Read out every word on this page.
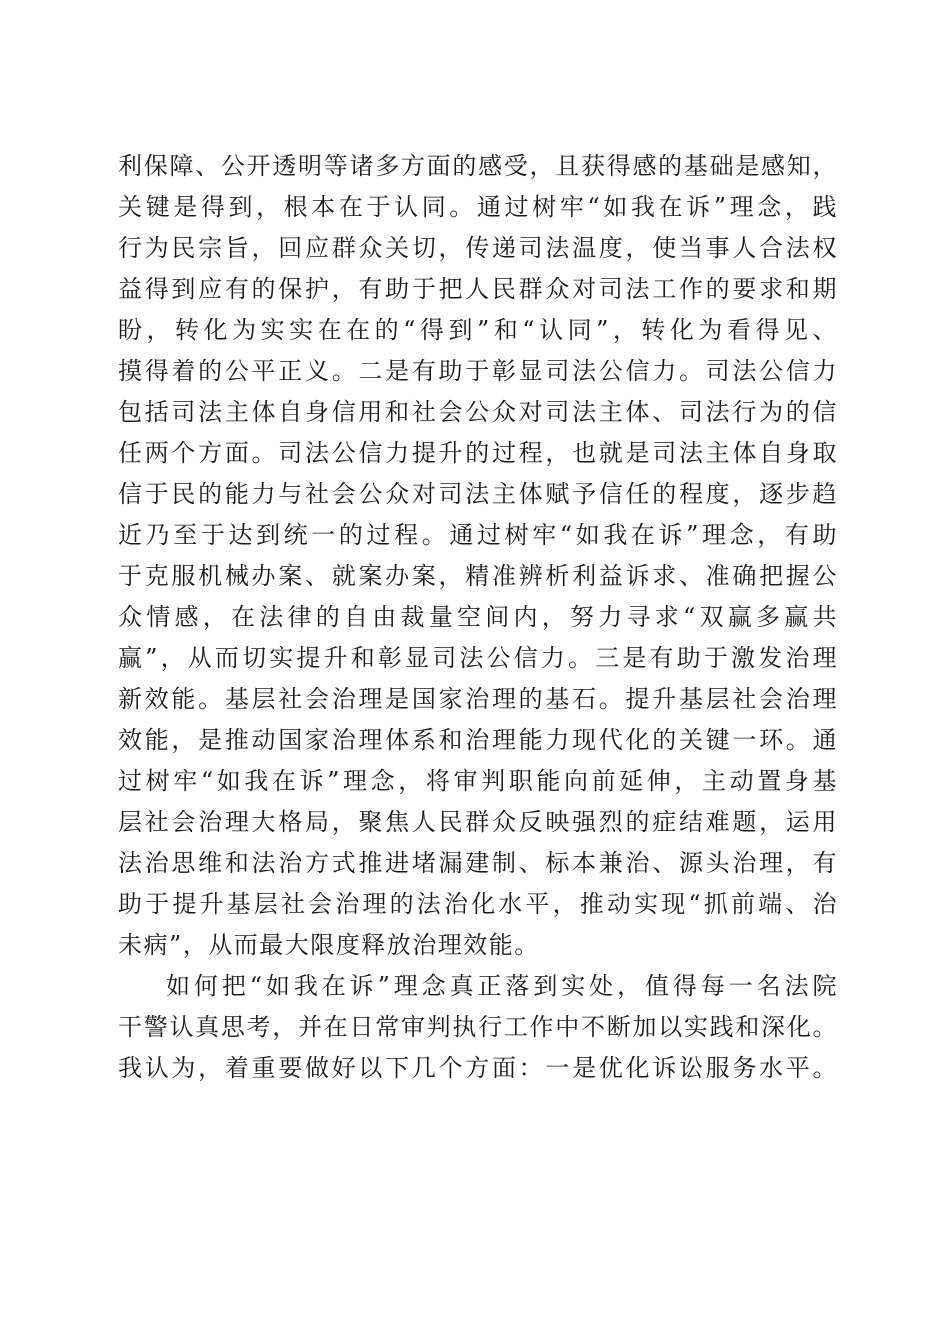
利保障、公开透明等诸多方面的感受，且获得感的基础是感知，
关键是得到，根本在于认同。通过树牢“如我在诉”理念，践
行为民宗旨，回应群众关切，传递司法温度，使当事人合法权
益得到应有的保护，有助于把人民群众对司法工作的要求和期
盼，转化为实实在在的“得到”和“认同”，转化为看得见、
摸得着的公平正义。二是有助于彰显司法公信力。司法公信力
包括司法主体自身信用和社会公众对司法主体、司法行为的信
任两个方面。司法公信力提升的过程，也就是司法主体自身取
信于民的能力与社会公众对司法主体赋予信任的程度，逐步趋
近乃至于达到统一的过程。通过树牢“如我在诉”理念，有助
于克服机械办案、就案办案，精准辨析利益诉求、准确把握公
众情感，在法律的自由裁量空间内，努力寻求“双赢多赢共
赢”，从而切实提升和彰显司法公信力。三是有助于激发治理
新效能。基层社会治理是国家治理的基石。提升基层社会治理
效能，是推动国家治理体系和治理能力现代化的关键一环。通
过树牢“如我在诉”理念，将审判职能向前延伸，主动置身基
层社会治理大格局，聚焦人民群众反映强烈的症结难题，运用
法治思维和法治方式推进堵漏建制、标本兼治、源头治理，有
助于提升基层社会治理的法治化水平，推动实现“抓前端、治
未病”，从而最大限度释放治理效能。
如何把“如我在诉”理念真正落到实处，值得每一名法院
干警认真思考，并在日常审判执行工作中不断加以实践和深化。
我认为，着重要做好以下几个方面：一是优化诉讼服务水平。
